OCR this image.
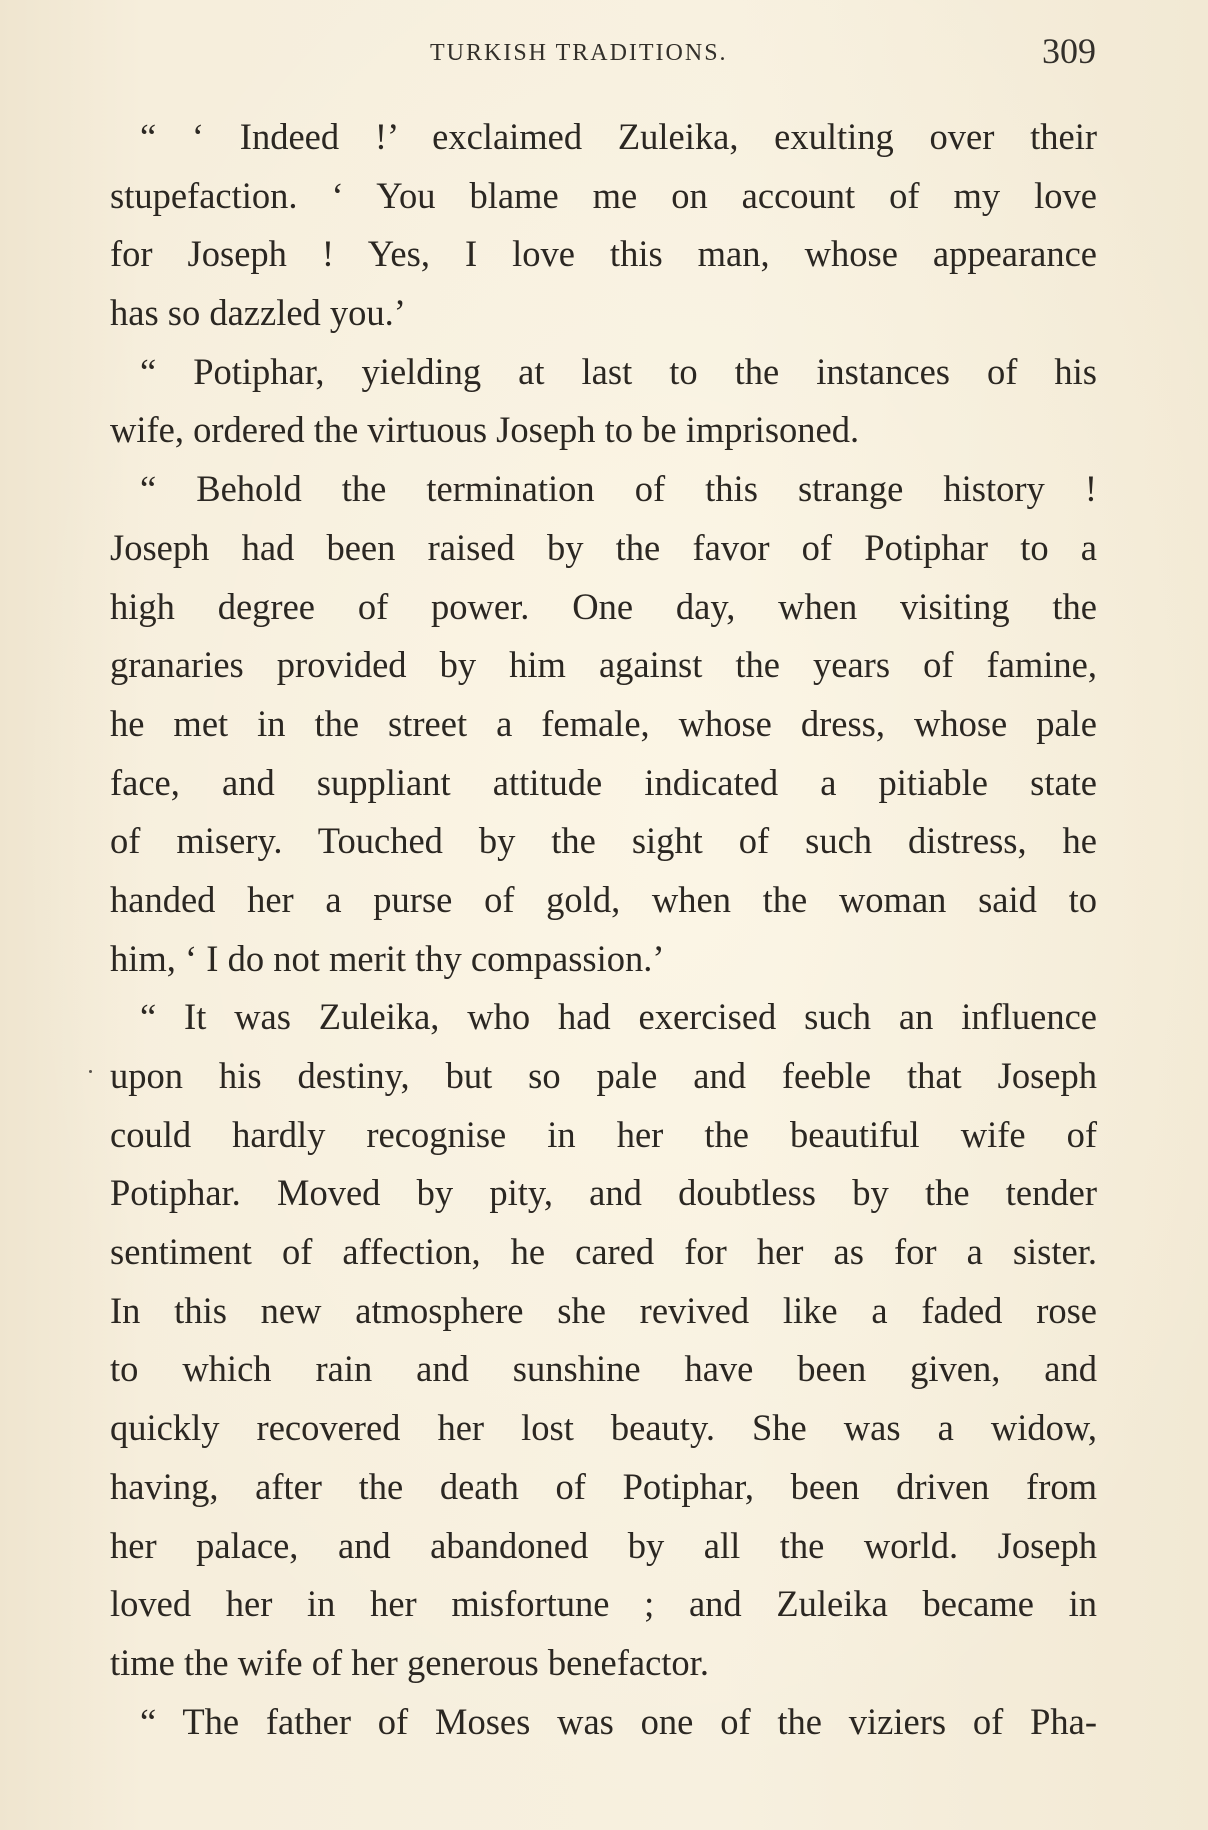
TURKISH TRADITIONS.	309
“ ‘ Indeed !’ exclaimed Zuleika, exulting over their
stupefaction. ‘ You blame me on account of my love
for Joseph ! Yes, I love this man, whose appearance
has so dazzled you.’
“ Potiphar, yielding at last to the instances of his
wife, ordered the virtuous Joseph to be imprisoned.
“ Behold the termination of this strange history !
Joseph had been raised by the favor of Potiphar to a
high degree of power. One day, when visiting the
granaries provided by him against the years of famine,
he met in the street a female, whose dress, whose pale
face, and suppliant attitude indicated a pitiable state
of misery. Touched by the sight of such distress, he
handed her a purse of gold, when the woman said to
him, ‘ I do not merit thy compassion.’
“ It was Zuleika, who had exercised such an influence
upon his destiny, but so pale and feeble that Joseph
could hardly recognise in her the beautiful wife of
Potiphar. Moved by pity, and doubtless by the tender
sentiment of affection, he cared for her as for a sister.
In this new atmosphere she revived like a faded rose
to which rain and sunshine have been given, and
quickly recovered her lost beauty. She was a widow,
having, after the death of Potiphar, been driven from
her palace, and abandoned by all the world. Joseph
loved her in her misfortune ; and Zuleika became in
time the wife of her generous benefactor.
“ The father of Moses was one of the viziers of Pha-
